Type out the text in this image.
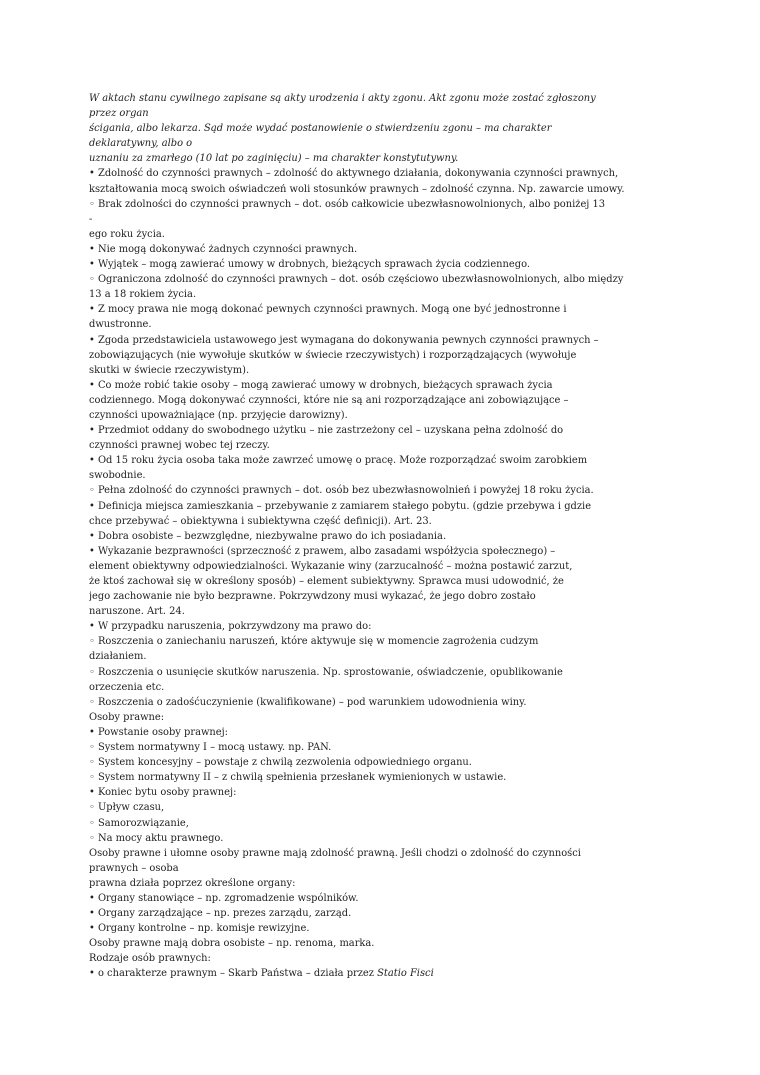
W aktach stanu cywilnego zapisane są akty urodzenia i akty zgonu. Akt zgonu może zostać zgłoszony
przez organ
ścigania, albo lekarza. Sąd może wydać postanowienie o stwierdzeniu zgonu – ma charakter
deklaratywny, albo o
uznaniu za zmarłego (10 lat po zaginięciu) – ma charakter konstytutywny.
• Zdolność do czynności prawnych – zdolność do aktywnego działania, dokonywania czynności prawnych,
kształtowania mocą swoich oświadczeń woli stosunków prawnych – zdolność czynna. Np. zawarcie umowy.
◦ Brak zdolności do czynności prawnych – dot. osób całkowicie ubezwłasnowolnionych, albo poniżej 13
-
ego roku życia.
• Nie mogą dokonywać żadnych czynności prawnych.
• Wyjątek – mogą zawierać umowy w drobnych, bieżących sprawach życia codziennego.
◦ Ograniczona zdolność do czynności prawnych – dot. osób częściowo ubezwłasnowolnionych, albo między
13 a 18 rokiem życia.
• Z mocy prawa nie mogą dokonać pewnych czynności prawnych. Mogą one być jednostronne i
dwustronne.
• Zgoda przedstawiciela ustawowego jest wymagana do dokonywania pewnych czynności prawnych –
zobowiązujących (nie wywołuje skutków w świecie rzeczywistych) i rozporządzających (wywołuje
skutki w świecie rzeczywistym).
• Co może robić takie osoby – mogą zawierać umowy w drobnych, bieżących sprawach życia
codziennego. Mogą dokonywać czynności, które nie są ani rozporządzające ani zobowiązujące –
czynności upoważniające (np. przyjęcie darowizny).
• Przedmiot oddany do swobodnego użytku – nie zastrzeżony cel – uzyskana pełna zdolność do
czynności prawnej wobec tej rzeczy.
• Od 15 roku życia osoba taka może zawrzeć umowę o pracę. Może rozporządzać swoim zarobkiem
swobodnie.
◦ Pełna zdolność do czynności prawnych – dot. osób bez ubezwłasnowolnień i powyżej 18 roku życia.
• Definicja miejsca zamieszkania – przebywanie z zamiarem stałego pobytu. (gdzie przebywa i gdzie
chce przebywać – obiektywna i subiektywna część definicji). Art. 23.
• Dobra osobiste – bezwzględne, niezbywalne prawo do ich posiadania.
• Wykazanie bezprawności (sprzeczność z prawem, albo zasadami współżycia społecznego) –
element obiektywny odpowiedzialności. Wykazanie winy (zarzucalność – można postawić zarzut,
że ktoś zachował się w określony sposób) – element subiektywny. Sprawca musi udowodnić, że
jego zachowanie nie było bezprawne. Pokrzywdzony musi wykazać, że jego dobro zostało
naruszone. Art. 24.
• W przypadku naruszenia, pokrzywdzony ma prawo do:
◦ Roszczenia o zaniechaniu naruszeń, które aktywuje się w momencie zagrożenia cudzym
działaniem.
◦ Roszczenia o usunięcie skutków naruszenia. Np. sprostowanie, oświadczenie, opublikowanie
orzeczenia etc.
◦ Roszczenia o zadośćuczynienie (kwalifikowane) – pod warunkiem udowodnienia winy.
Osoby prawne:
• Powstanie osoby prawnej:
◦ System normatywny I – mocą ustawy. np. PAN.
◦ System koncesyjny – powstaje z chwilą zezwolenia odpowiedniego organu.
◦ System normatywny II – z chwilą spełnienia przesłanek wymienionych w ustawie.
• Koniec bytu osoby prawnej:
◦ Upływ czasu,
◦ Samorozwiązanie,
◦ Na mocy aktu prawnego.
Osoby prawne i ułomne osoby prawne mają zdolność prawną. Jeśli chodzi o zdolność do czynności
prawnych – osoba
prawna działa poprzez określone organy:
• Organy stanowiące – np. zgromadzenie wspólników.
• Organy zarządzające – np. prezes zarządu, zarząd.
• Organy kontrolne – np. komisje rewizyjne.
Osoby prawne mają dobra osobiste – np. renoma, marka.
Rodzaje osób prawnych:
• o charakterze prawnym – Skarb Państwa – działa przez Statio Fisci
